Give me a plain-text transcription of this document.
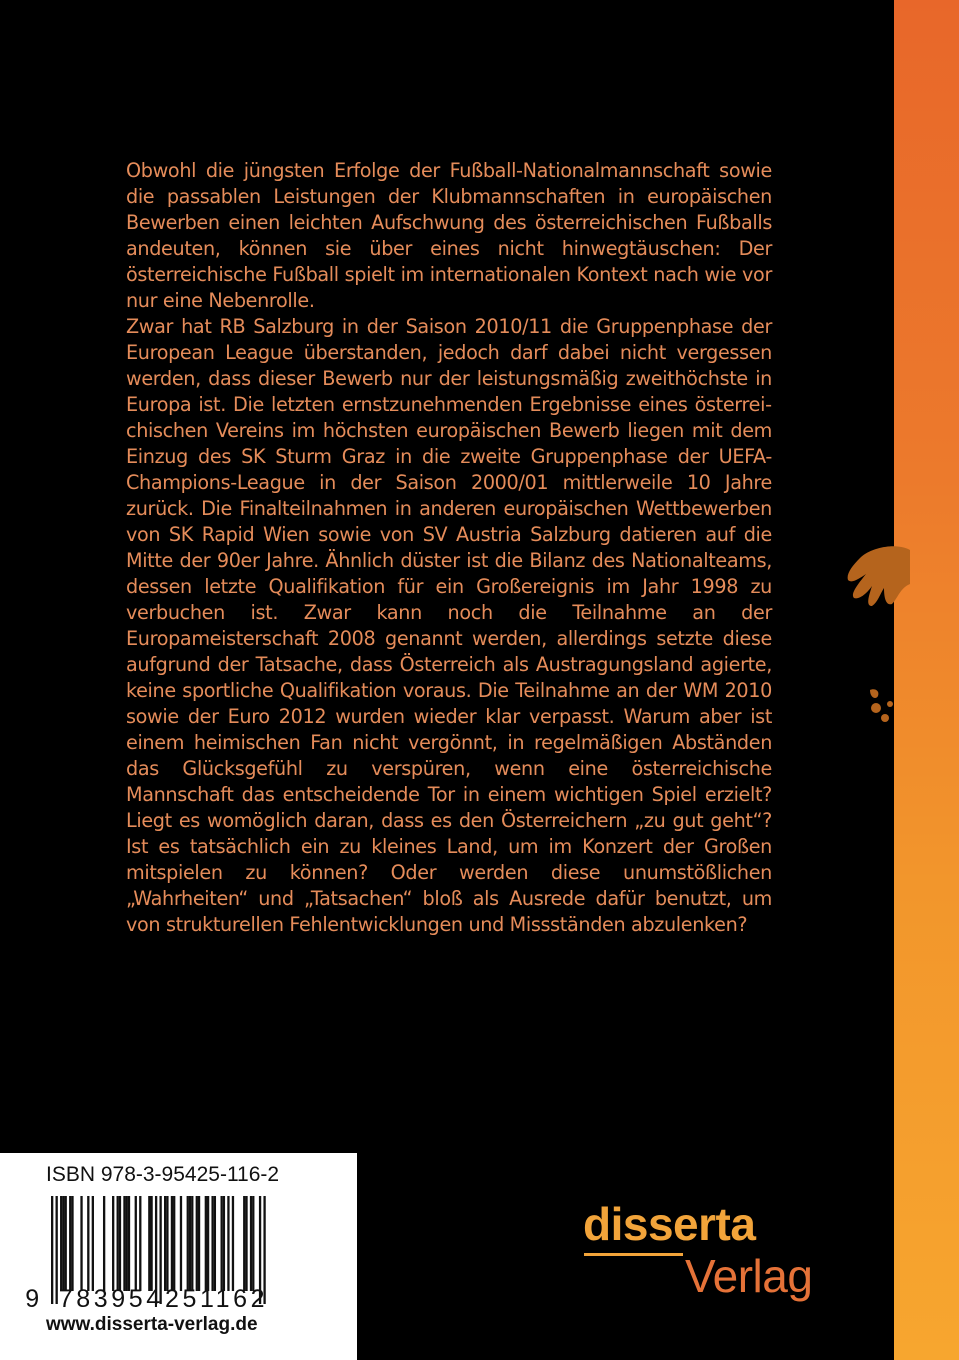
Obwohl die jüngsten Erfolge der Fußball-Nationalmannschaft sowie die passablen Leistungen der Klubmannschaften in europäischen Bewerben einen leichten Aufschwung des österreichischen Fußballs andeuten, können sie über eines nicht hinwegtäuschen: Der österreichische Fußball spielt im internationalen Kontext nach wie vor nur eine Nebenrolle.

Zwar hat RB Salzburg in der Saison 2010/11 die Gruppenphase der European League überstanden, jedoch darf dabei nicht vergessen werden, dass dieser Bewerb nur der leistungsmäßig zweithöchste in Europa ist. Die letzten ernstzunehmenden Ergebnisse eines österreichischen Vereins im höchsten europäischen Bewerb liegen mit dem Einzug des SK Sturm Graz in die zweite Gruppenphase der UEFA-Champions-League in der Saison 2000/01 mittlerweile 10 Jahre zurück. Die Finalteilnahmen in anderen europäischen Wettbewerben von SK Rapid Wien sowie von SV Austria Salzburg datieren auf die Mitte der 90er Jahre. Ähnlich düster ist die Bilanz des Nationalteams, dessen letzte Qualifikation für ein Großereignis im Jahr 1998 zu verbuchen ist. Zwar kann noch die Teilnahme an der Europameisterschaft 2008 genannt werden, allerdings setzte diese aufgrund der Tatsache, dass Österreich als Austragungsland agierte, keine sportliche Qualifikation voraus. Die Teilnahme an der WM 2010 sowie der Euro 2012 wurden wieder klar verpasst. Warum aber ist einem heimischen Fan nicht vergönnt, in regelmäßigen Abständen das Glücksgefühl zu verspüren, wenn eine österreichische Mannschaft das entscheidende Tor in einem wichtigen Spiel erzielt? Liegt es womöglich daran, dass es den Österreichern „zu gut geht“? Ist es tatsächlich ein zu kleines Land, um im Konzert der Großen mitspielen zu können? Oder werden diese unumstößlichen „Wahrheiten“ und „Tatsachen“ bloß als Ausrede dafür benutzt, um von strukturellen Fehlentwicklungen und Missständen abzulenken?

ISBN 978-3-95425-116-2
9 783954 251162
www.disserta-verlag.de
disserta
Verlag
